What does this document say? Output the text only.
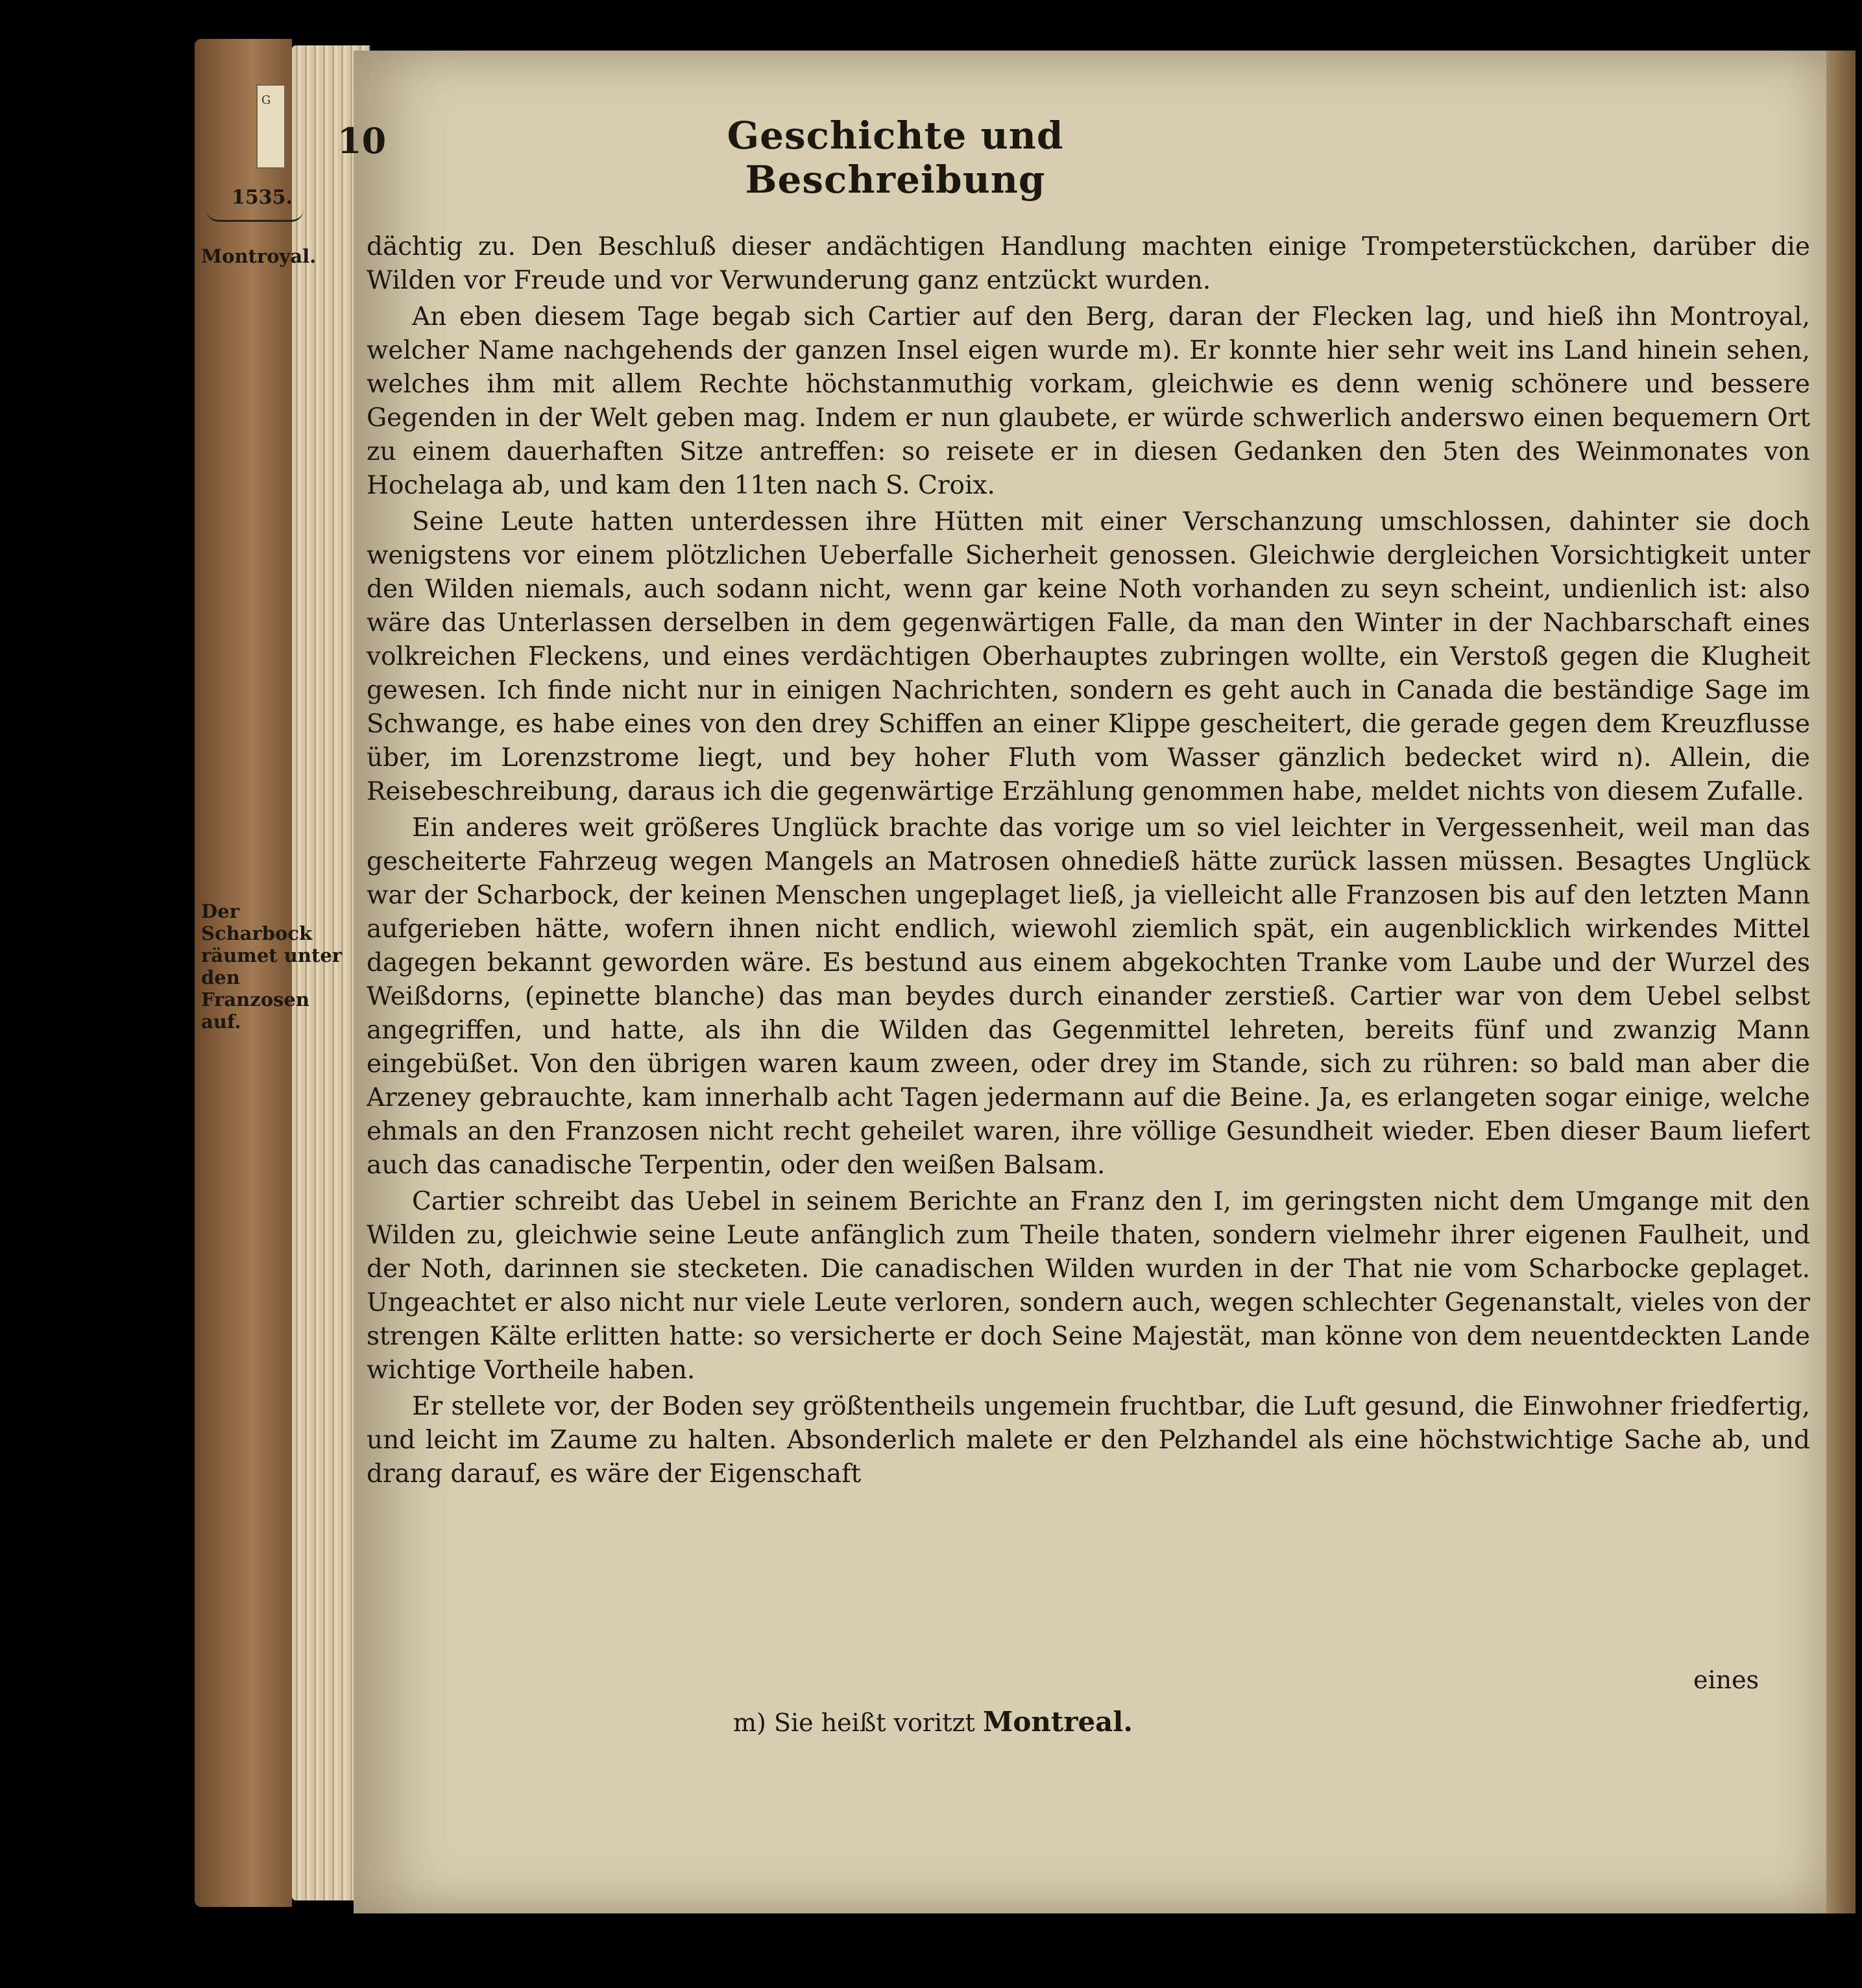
G
10	Geschichte und Beschreibung
1535.
Montroyal.
Der Scharbock räumet unter den Franzosen auf.

dächtig zu. Den Beschluß dieser andächtigen Handlung machten einige Trompeterstückchen, darüber die Wilden vor Freude und vor Verwunderung ganz entzückt wurden.

An eben diesem Tage begab sich Cartier auf den Berg, daran der Flecken lag, und hieß ihn Montroyal, welcher Name nachgehends der ganzen Insel eigen wurde m). Er konnte hier sehr weit ins Land hinein sehen, welches ihm mit allem Rechte höchstanmuthig vorkam, gleichwie es denn wenig schönere und bessere Gegenden in der Welt geben mag. Indem er nun glaubete, er würde schwerlich anderswo einen bequemern Ort zu einem dauerhaften Sitze antreffen: so reisete er in diesen Gedanken den 5ten des Weinmonates von Hochelaga ab, und kam den 11ten nach S. Croix.

Seine Leute hatten unterdessen ihre Hütten mit einer Verschanzung umschlossen, dahinter sie doch wenigstens vor einem plötzlichen Ueberfalle Sicherheit genossen. Gleichwie dergleichen Vorsichtigkeit unter den Wilden niemals, auch sodann nicht, wenn gar keine Noth vorhanden zu seyn scheint, undienlich ist: also wäre das Unterlassen derselben in dem gegenwärtigen Falle, da man den Winter in der Nachbarschaft eines volkreichen Fleckens, und eines verdächtigen Oberhauptes zubringen wollte, ein Verstoß gegen die Klugheit gewesen. Ich finde nicht nur in einigen Nachrichten, sondern es geht auch in Canada die beständige Sage im Schwange, es habe eines von den drey Schiffen an einer Klippe gescheitert, die gerade gegen dem Kreuzflusse über, im Lorenzstrome liegt, und bey hoher Fluth vom Wasser gänzlich bedecket wird n). Allein, die Reisebeschreibung, daraus ich die gegenwärtige Erzählung genommen habe, meldet nichts von diesem Zufalle.

Ein anderes weit größeres Unglück brachte das vorige um so viel leichter in Vergessenheit, weil man das gescheiterte Fahrzeug wegen Mangels an Matrosen ohnedieß hätte zurück lassen müssen. Besagtes Unglück war der Scharbock, der keinen Menschen ungeplaget ließ, ja vielleicht alle Franzosen bis auf den letzten Mann aufgerieben hätte, wofern ihnen nicht endlich, wiewohl ziemlich spät, ein augenblicklich wirkendes Mittel dagegen bekannt geworden wäre. Es bestund aus einem abgekochten Tranke vom Laube und der Wurzel des Weißdorns, (epinette blanche) das man beydes durch einander zerstieß. Cartier war von dem Uebel selbst angegriffen, und hatte, als ihn die Wilden das Gegenmittel lehreten, bereits fünf und zwanzig Mann eingebüßet. Von den übrigen waren kaum zween, oder drey im Stande, sich zu rühren: so bald man aber die Arzeney gebrauchte, kam innerhalb acht Tagen jedermann auf die Beine. Ja, es erlangeten sogar einige, welche ehmals an den Franzosen nicht recht geheilet waren, ihre völlige Gesundheit wieder. Eben dieser Baum liefert auch das canadische Terpentin, oder den weißen Balsam.

Cartier schreibt das Uebel in seinem Berichte an Franz den I, im geringsten nicht dem Umgange mit den Wilden zu, gleichwie seine Leute anfänglich zum Theile thaten, sondern vielmehr ihrer eigenen Faulheit, und der Noth, darinnen sie stecketen. Die canadischen Wilden wurden in der That nie vom Scharbocke geplaget. Ungeachtet er also nicht nur viele Leute verloren, sondern auch, wegen schlechter Gegenanstalt, vieles von der strengen Kälte erlitten hatte: so versicherte er doch Seine Majestät, man könne von dem neuentdeckten Lande wichtige Vortheile haben.

Er stellete vor, der Boden sey größtentheils ungemein fruchtbar, die Luft gesund, die Einwohner friedfertig, und leicht im Zaume zu halten. Absonderlich malete er den Pelzhandel als eine höchstwichtige Sache ab, und drang darauf, es wäre der Eigenschaft

eines
m) Sie heißt voritzt Montreal.
